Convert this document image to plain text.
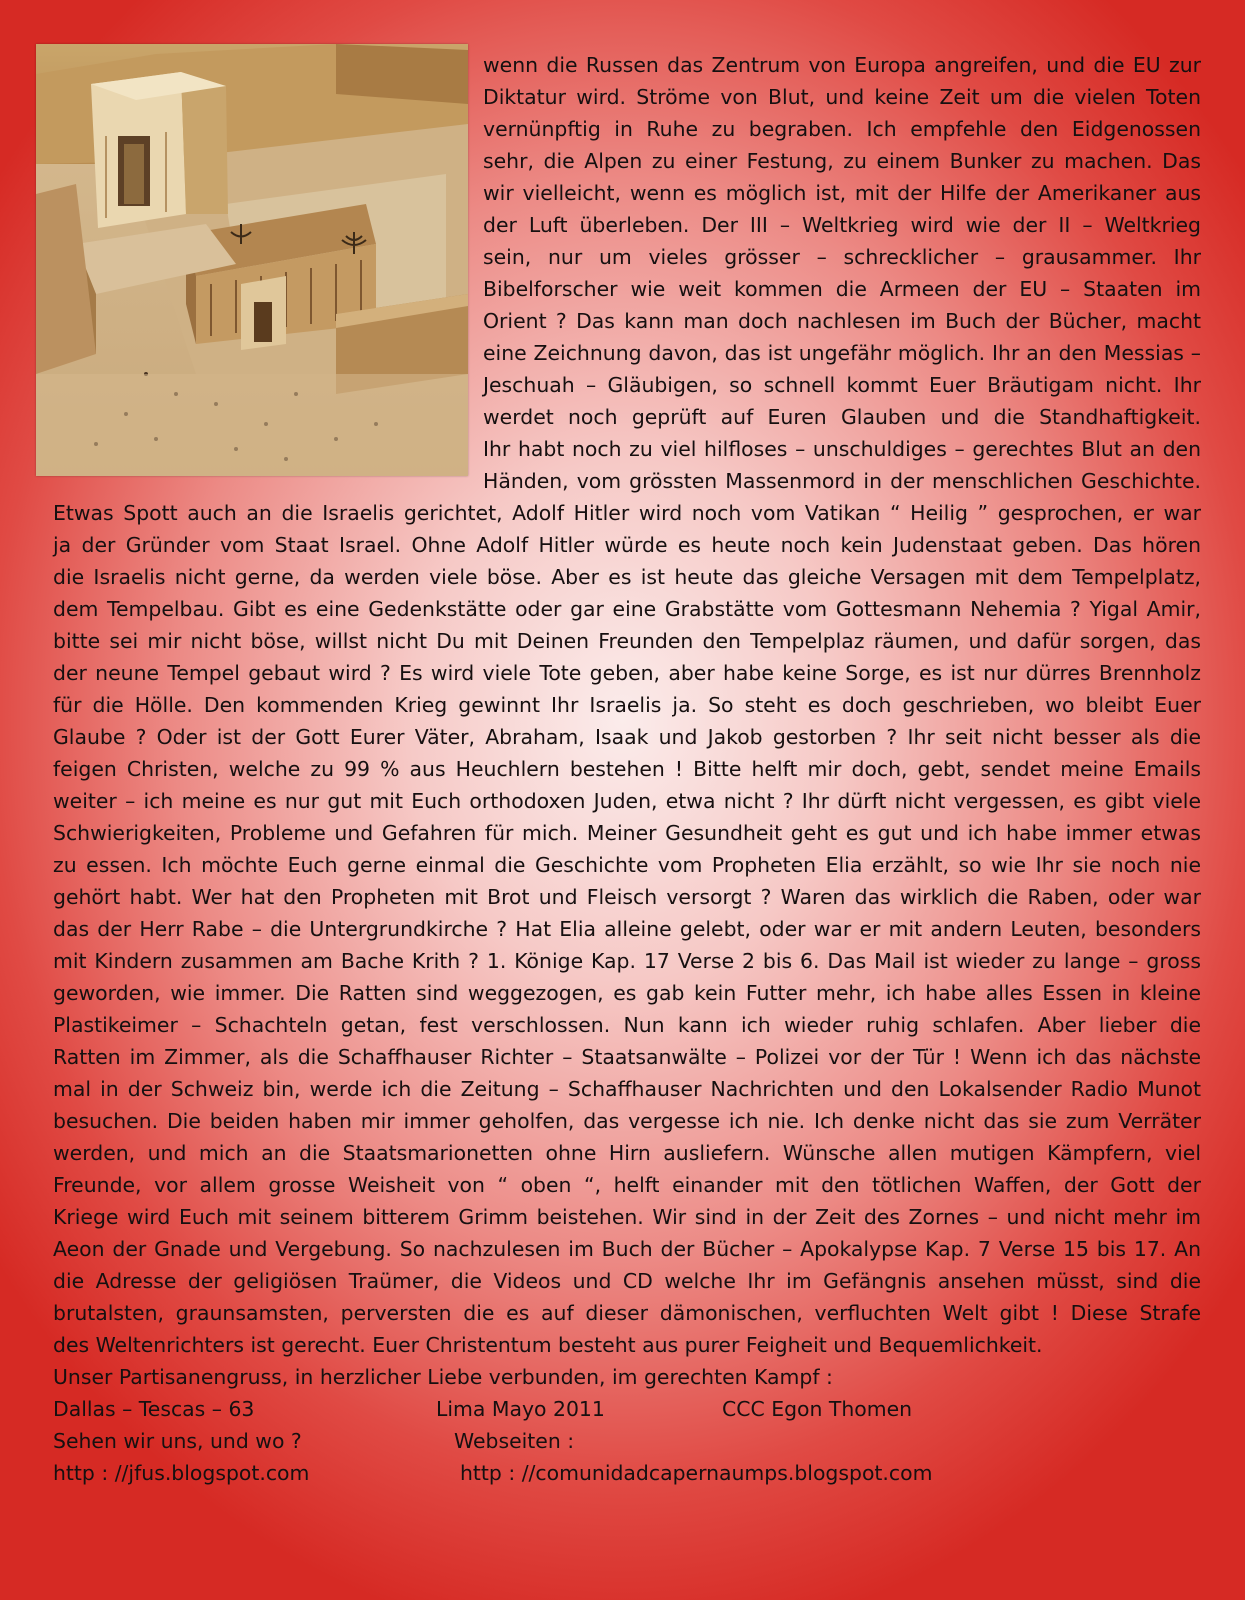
wenn die Russen das Zentrum von Europa angreifen, und die EU zur
Diktatur wird. Ströme von Blut, und keine Zeit um die vielen Toten
vernünpftig in Ruhe zu begraben. Ich empfehle den Eidgenossen
sehr, die Alpen zu einer Festung, zu einem Bunker zu machen. Das
wir vielleicht, wenn es möglich ist, mit der Hilfe der Amerikaner aus
der Luft überleben. Der III – Weltkrieg wird wie der II – Weltkrieg
sein, nur um vieles grösser – schrecklicher – grausammer. Ihr
Bibelforscher wie weit kommen die Armeen der EU – Staaten im
Orient ? Das kann man doch nachlesen im Buch der Bücher, macht
eine Zeichnung davon, das ist ungefähr möglich. Ihr an den Messias –
Jeschuah – Gläubigen, so schnell kommt Euer Bräutigam nicht. Ihr
werdet noch geprüft auf Euren Glauben und die Standhaftigkeit.
Ihr habt noch zu viel hilfloses – unschuldiges – gerechtes Blut an den
Händen, vom grössten Massenmord in der menschlichen Geschichte.
Etwas Spott auch an die Israelis gerichtet, Adolf Hitler wird noch vom Vatikan “ Heilig ” gesprochen, er war
ja der Gründer vom Staat Israel. Ohne Adolf Hitler würde es heute noch kein Judenstaat geben. Das hören
die Israelis nicht gerne, da werden viele böse. Aber es ist heute das gleiche Versagen mit dem Tempelplatz,
dem Tempelbau. Gibt es eine Gedenkstätte oder gar eine Grabstätte vom Gottesmann Nehemia ? Yigal Amir,
bitte sei mir nicht böse, willst nicht Du mit Deinen Freunden den Tempelplaz räumen, und dafür sorgen, das
der neune Tempel gebaut wird ? Es wird viele Tote geben, aber habe keine Sorge, es ist nur dürres Brennholz
für die Hölle. Den kommenden Krieg gewinnt Ihr Israelis ja. So steht es doch geschrieben, wo bleibt Euer
Glaube ? Oder ist der Gott Eurer Väter, Abraham, Isaak und Jakob gestorben ? Ihr seit nicht besser als die
feigen Christen, welche zu 99 % aus Heuchlern bestehen ! Bitte helft mir doch, gebt, sendet meine Emails
weiter – ich meine es nur gut mit Euch orthodoxen Juden, etwa nicht ? Ihr dürft nicht vergessen, es gibt viele
Schwierigkeiten, Probleme und Gefahren für mich. Meiner Gesundheit geht es gut und ich habe immer etwas
zu essen. Ich möchte Euch gerne einmal die Geschichte vom Propheten Elia erzählt, so wie Ihr sie noch nie
gehört habt. Wer hat den Propheten mit Brot und Fleisch versorgt ? Waren das wirklich die Raben, oder war
das der Herr Rabe – die Untergrundkirche ? Hat Elia alleine gelebt, oder war er mit andern Leuten, besonders
mit Kindern zusammen am Bache Krith ? 1. Könige Kap. 17 Verse 2 bis 6. Das Mail ist wieder zu lange – gross
geworden, wie immer. Die Ratten sind weggezogen, es gab kein Futter mehr, ich habe alles Essen in kleine
Plastikeimer – Schachteln getan, fest verschlossen. Nun kann ich wieder ruhig schlafen. Aber lieber die
Ratten im Zimmer, als die Schaffhauser Richter – Staatsanwälte – Polizei vor der Tür ! Wenn ich das nächste
mal in der Schweiz bin, werde ich die Zeitung – Schaffhauser Nachrichten und den Lokalsender Radio Munot
besuchen. Die beiden haben mir immer geholfen, das vergesse ich nie. Ich denke nicht das sie zum Verräter
werden, und mich an die Staatsmarionetten ohne Hirn ausliefern. Wünsche allen mutigen Kämpfern, viel
Freunde, vor allem grosse Weisheit von “ oben “, helft einander mit den tötlichen Waffen, der Gott der
Kriege wird Euch mit seinem bitterem Grimm beistehen. Wir sind in der Zeit des Zornes – und nicht mehr im
Aeon der Gnade und Vergebung. So nachzulesen im Buch der Bücher – Apokalypse Kap. 7 Verse 15 bis 17. An
die Adresse der geligiösen Traümer, die Videos und CD welche Ihr im Gefängnis ansehen müsst, sind die
brutalsten, graunsamsten, perversten die es auf dieser dämonischen, verfluchten Welt gibt ! Diese Strafe
des Weltenrichters ist gerecht. Euer Christentum besteht aus purer Feigheit und Bequemlichkeit.
Unser Partisanengruss, in herzlicher Liebe verbunden, im gerechten Kampf :
Dallas – Tescas – 63	Lima Mayo 2011	CCC Egon Thomen
Sehen wir uns, und wo ?	Webseiten :
http : //jfus.blogspot.com	http : //comunidadcapernaumps.blogspot.com
